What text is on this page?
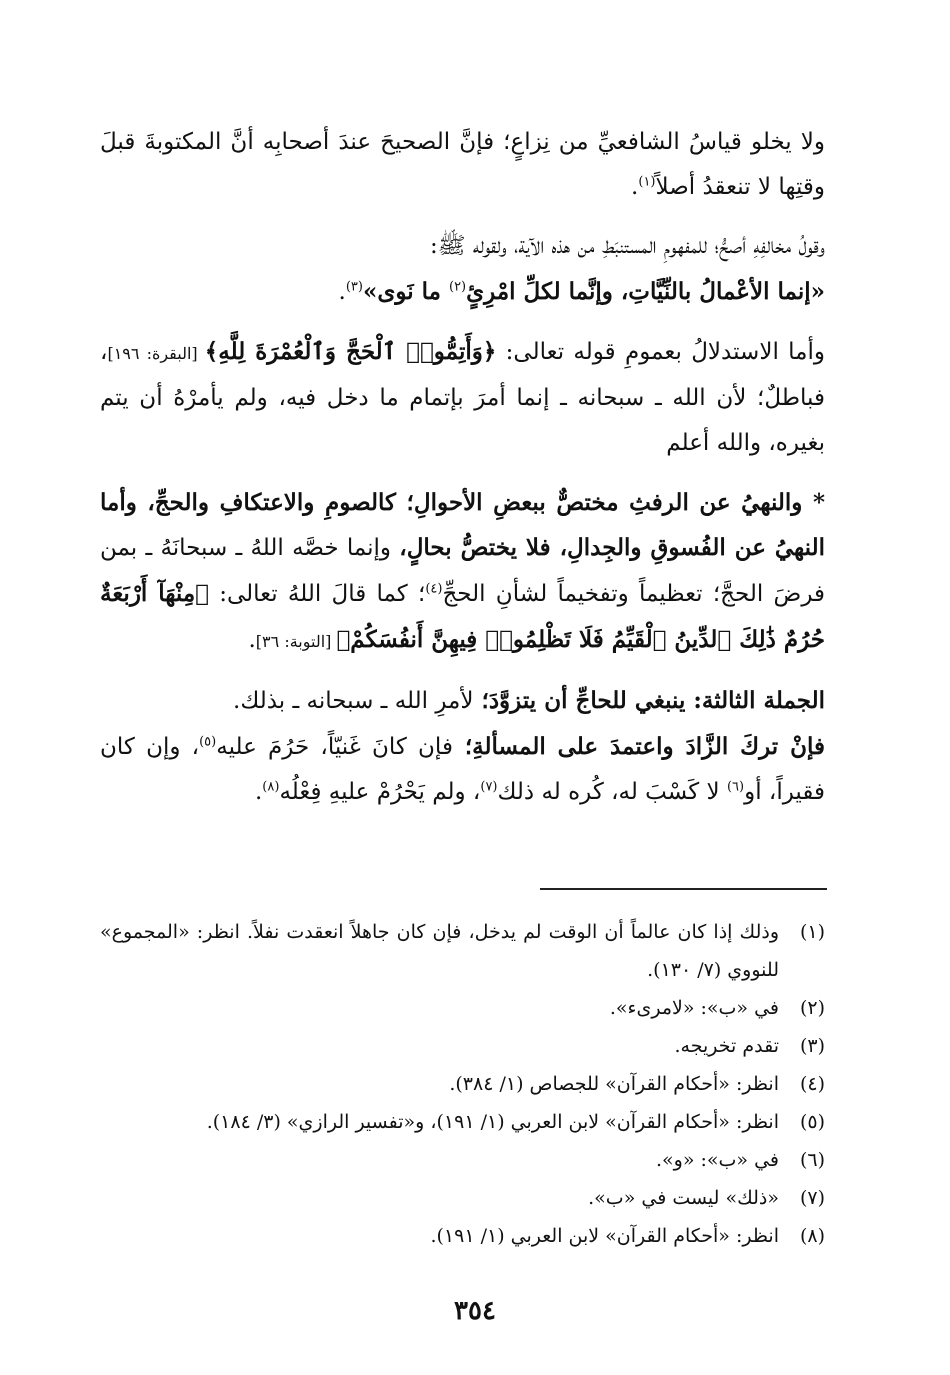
ولا يخلو قياسُ الشافعيِّ من نِزاعٍ؛ فإنَّ الصحيحَ عندَ أصحابِه أنَّ المكتوبةَ قبلَ وقتِها لا تنعقدُ أصلاً$^{(١)}$.

وقولُ مخالفِهِ أصحُّ؛ للمفهومِ المستنبَطِ من هذه الآية، ولقوله ﷺ:
«إنما الأعْمالُ بالنِّيَّاتِ، وإنَّما لكلِّ امْرِئٍ$^{(٢)}$ ما نَوى»$^{(٣)}$.

وأما الاستدلالُ بعمومِ قوله تعالى: ﴿وَأَتِمُّوا۟ ٱلْحَجَّ وَٱلْعُمْرَةَ لِلَّهِ﴾ [البقرة: ١٩٦]، فباطلٌ؛ لأن الله ـ سبحانه ـ إنما أمرَ بإتمام ما دخل فيه، ولم يأمرْهُ أن يتم بغيره، والله أعلم

* والنهيُ عن الرفثِ مختصٌّ ببعضِ الأحوالِ؛ كالصومِ والاعتكافِ والحجِّ، وأما النهيُ عن الفُسوقِ والجِدالِ، فلا يختصُّ بحالٍ، وإنما خصَّه اللهُ ـ سبحانَهُ ـ بمن فرضَ الحجَّ؛ تعظيماً وتفخيماً لشأنِ الحجِّ$^{(٤)}$؛ كما قالَ اللهُ تعالى: ﴿مِنْهَآ أَرْبَعَةٌ حُرُمٌ ذَٰلِكَ ٱلدِّينُ ٱلْقَيِّمُ فَلَا تَظْلِمُوا۟ فِيهِنَّ أَنفُسَكُمْ﴾ [التوبة: ٣٦].

الجملة الثالثة: ينبغي للحاجِّ أن يتزوَّدَ؛ لأمرِ الله ـ سبحانه ـ بذلك.

فإنْ تركَ الزَّادَ واعتمدَ على المسألةِ؛ فإن كانَ غَنيّاً، حَرُمَ عليه$^{(٥)}$، وإن كان فقيراً، أو$^{(٦)}$ لا كَسْبَ له، كُره له ذلك$^{(٧)}$، ولم يَحْرُمْ عليهِ فِعْلُه$^{(٨)}$.

(١)
وذلك إذا كان عالماً أن الوقت لم يدخل، فإن كان جاهلاً انعقدت نفلاً. انظر: «المجموع» للنووي (٧/ ١٣٠).
(٢)
في «ب»: «لامرىء».
(٣)
تقدم تخريجه.
(٤)
انظر: «أحكام القرآن» للجصاص (١/ ٣٨٤).
(٥)
انظر: «أحكام القرآن» لابن العربي (١/ ١٩١)، و«تفسير الرازي» (٣/ ١٨٤).
(٦)
في «ب»: «و».
(٧)
«ذلك» ليست في «ب».
(٨)
انظر: «أحكام القرآن» لابن العربي (١/ ١٩١).
٣٥٤
